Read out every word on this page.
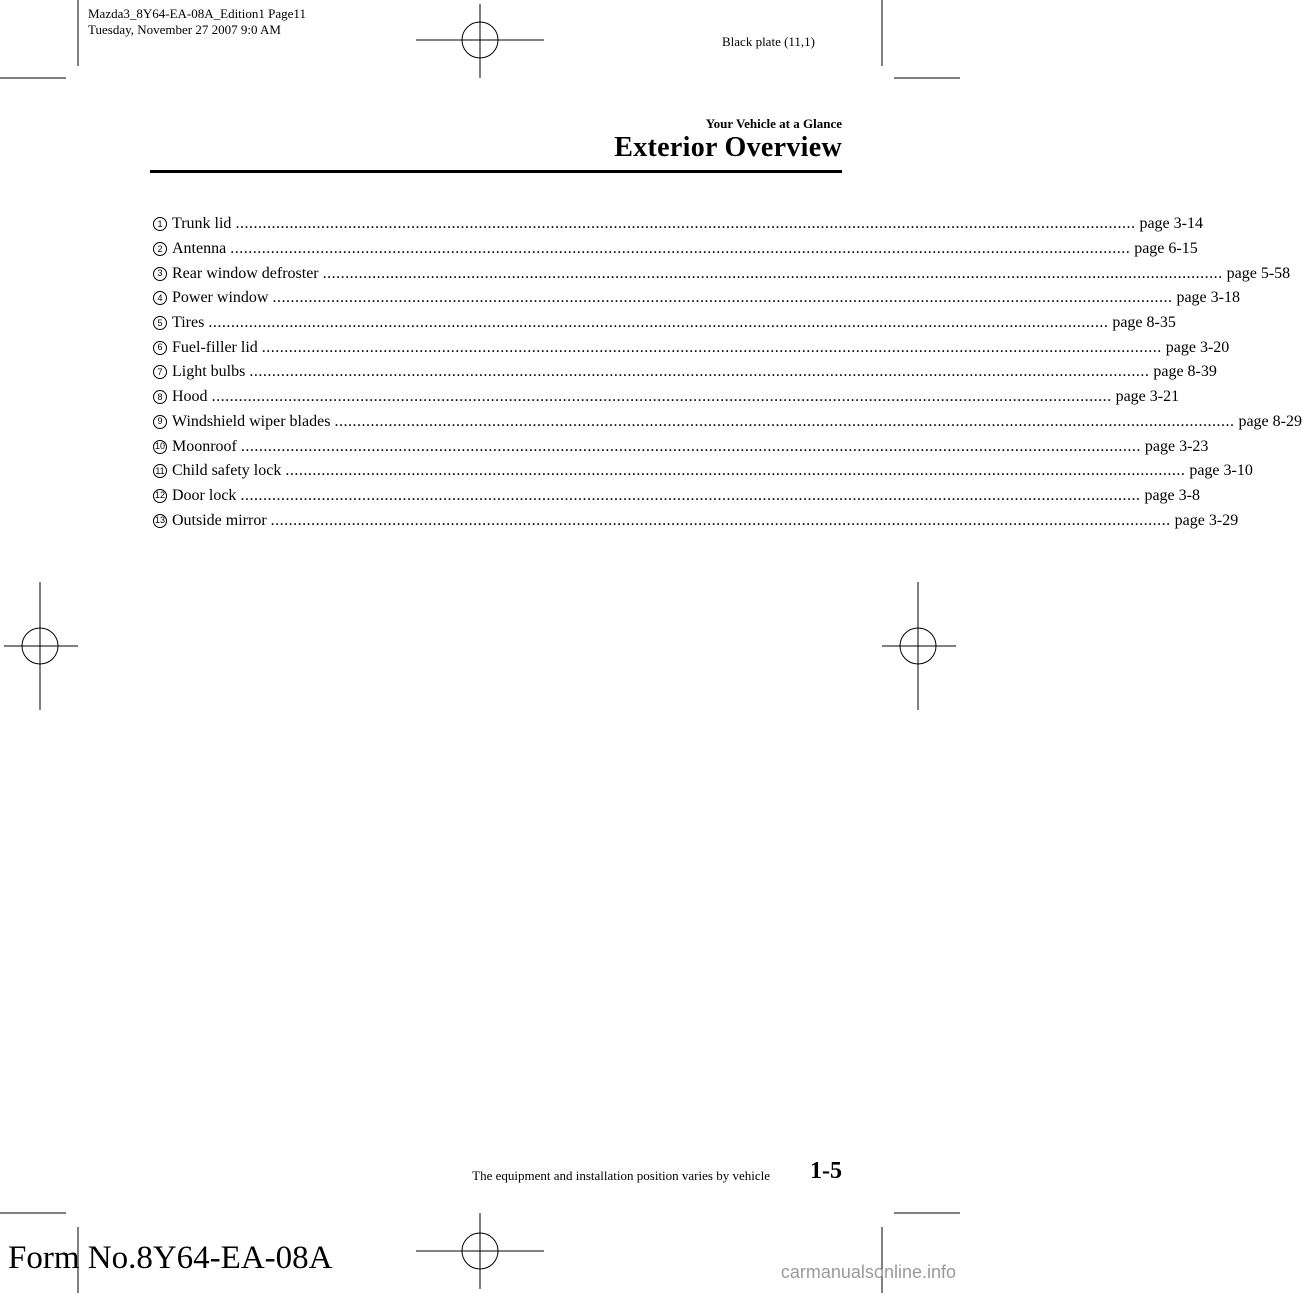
Mazda3_8Y64-EA-08A_Edition1 Page11
Tuesday, November 27 2007 9:0 AM
Black plate (11,1)
Your Vehicle at a Glance
Exterior Overview
1 Trunk lid ........................................................................................................................................................................................................ page 3-14
2 Antenna ........................................................................................................................................................................................................ page 6-15
3 Rear window defroster ........................................................................................................................................................................................................ page 5-58
4 Power window ........................................................................................................................................................................................................ page 3-18
5 Tires ........................................................................................................................................................................................................ page 8-35
6 Fuel-filler lid ........................................................................................................................................................................................................ page 3-20
7 Light bulbs ........................................................................................................................................................................................................ page 8-39
8 Hood ........................................................................................................................................................................................................ page 3-21
9 Windshield wiper blades ........................................................................................................................................................................................................ page 8-29
10 Moonroof ........................................................................................................................................................................................................ page 3-23
11 Child safety lock ........................................................................................................................................................................................................ page 3-10
12 Door lock ........................................................................................................................................................................................................ page 3-8
13 Outside mirror ........................................................................................................................................................................................................ page 3-29
The equipment and installation position varies by vehicle 1-5
Form No.8Y64-EA-08A	carmanualsonline.info
